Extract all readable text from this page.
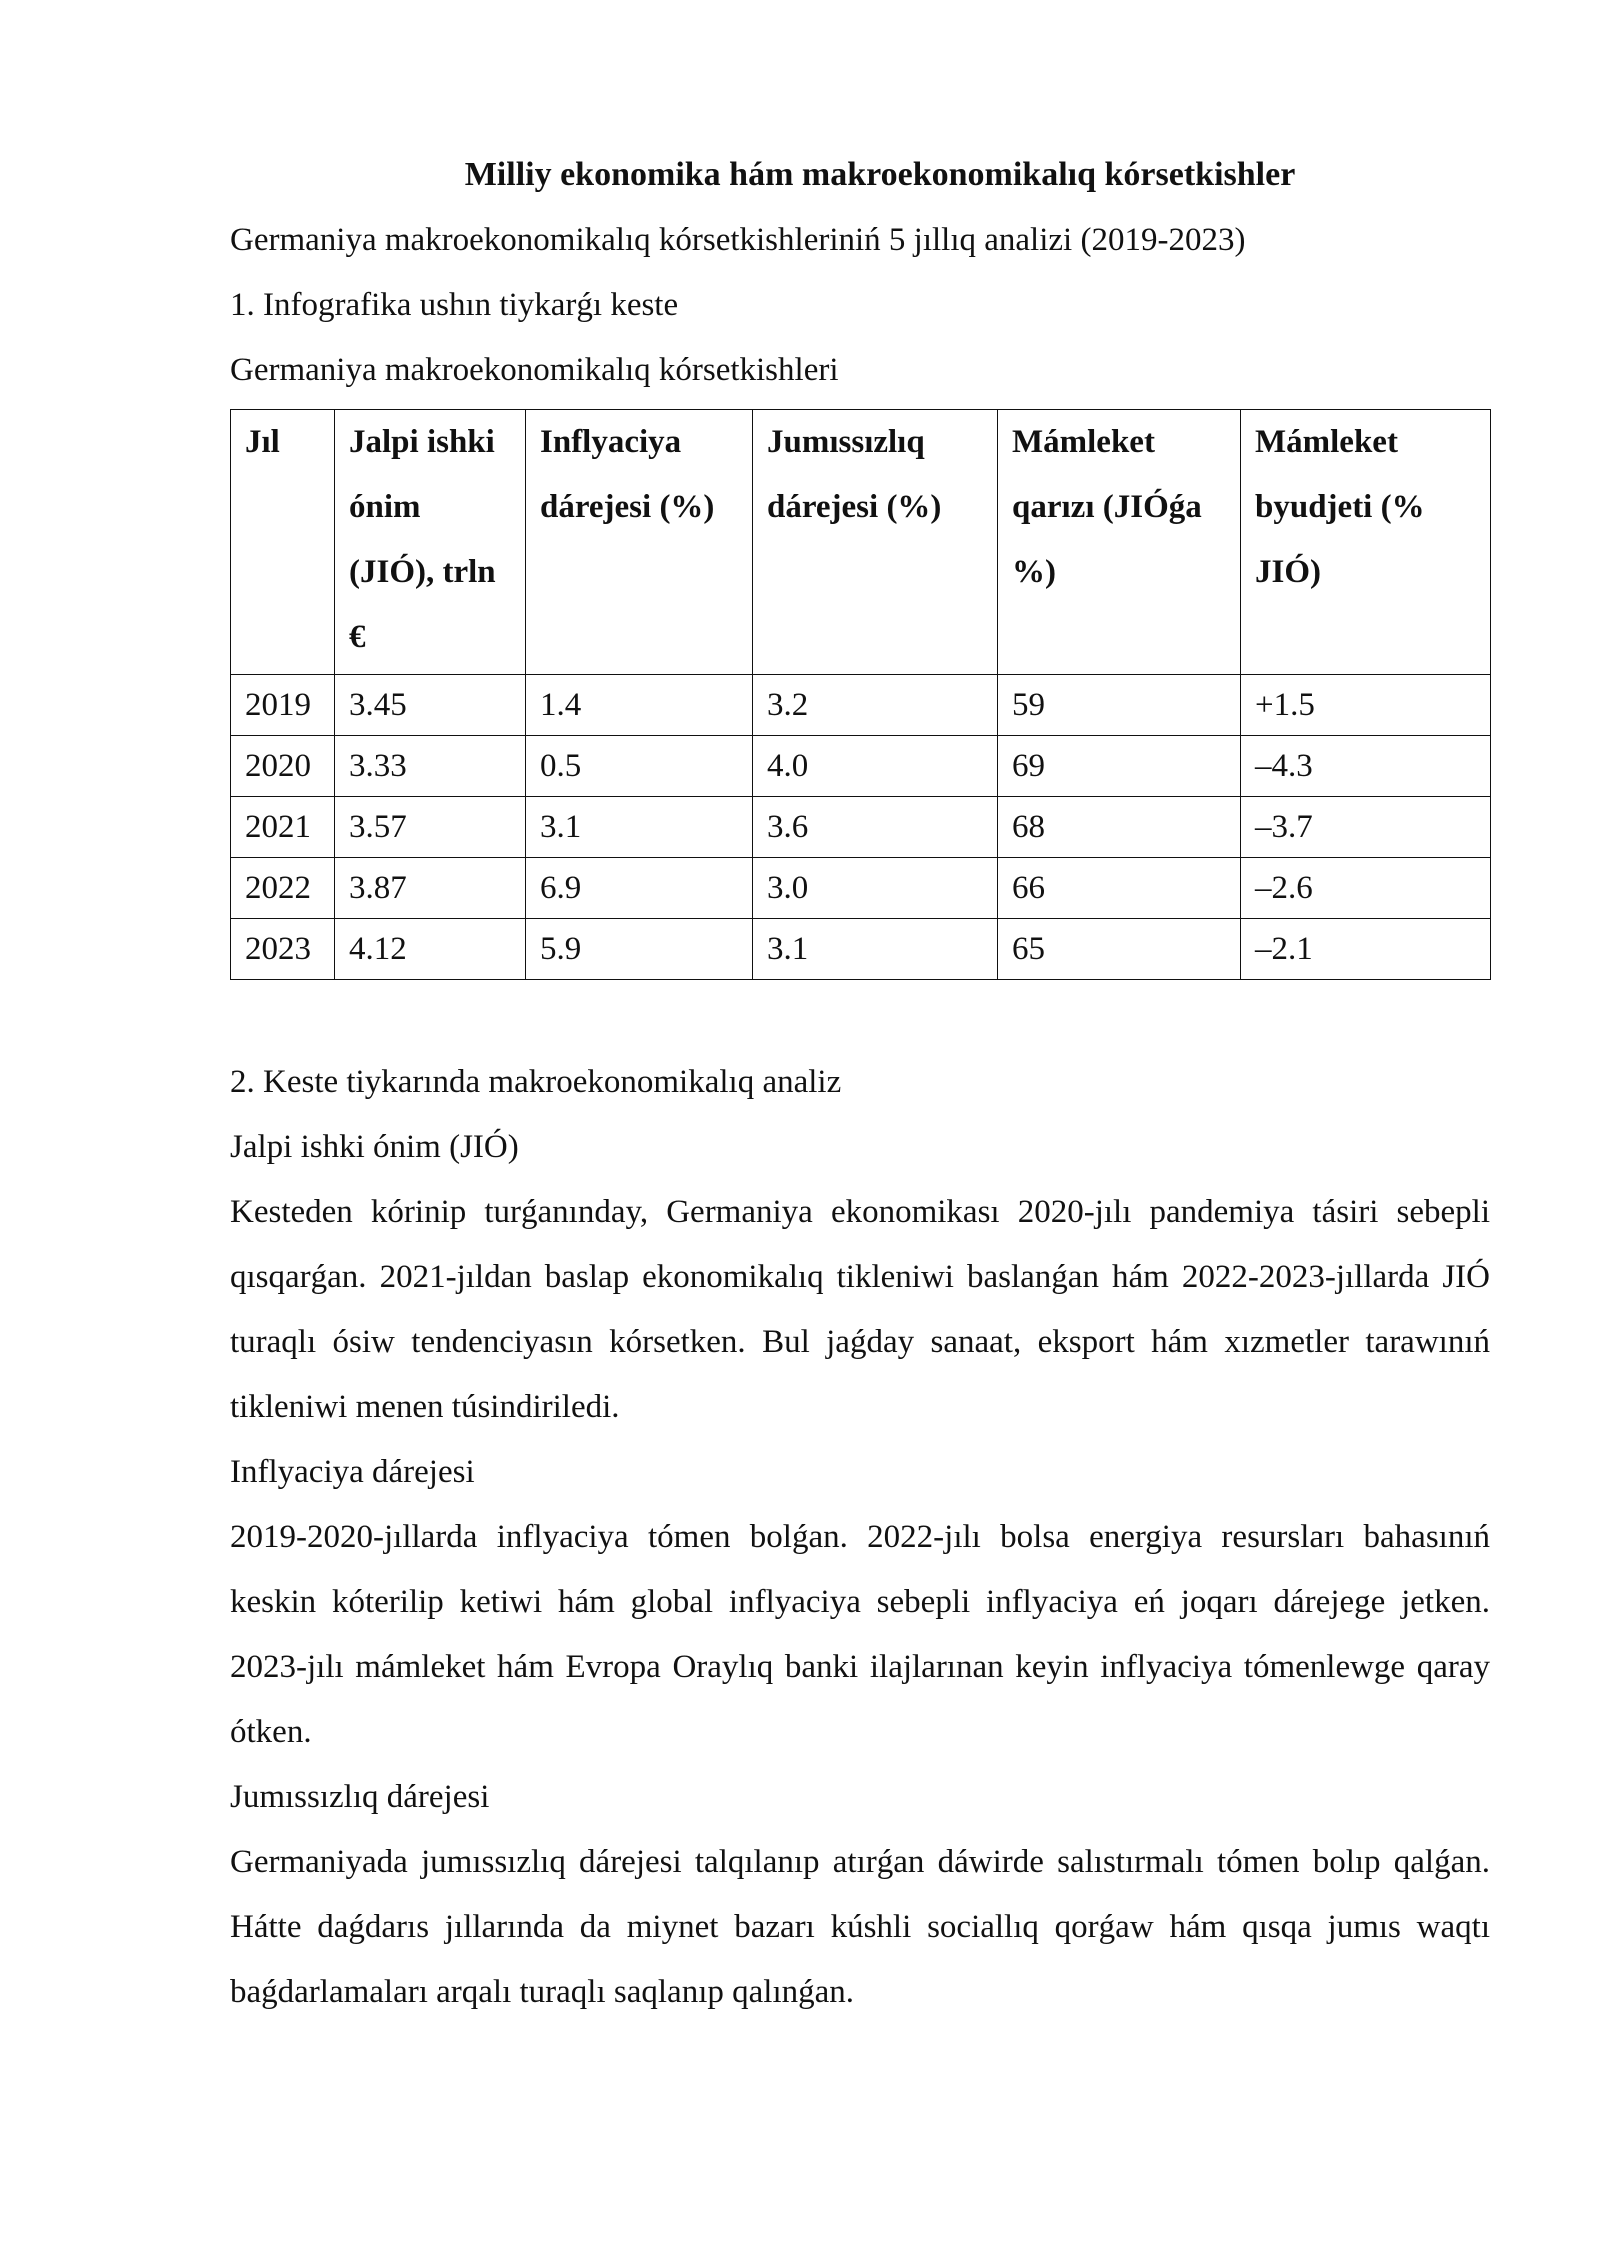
Milliy ekonomika hám makroekonomikalıq kórsetkishler

Germaniya makroekonomikalıq kórsetkishleriniń 5 jıllıq analizi (2019-2023)

1. Infografika ushın tiykarǵı keste

Germaniya makroekonomikalıq kórsetkishleri

Jıl	Jalpi ishki ónim (JIÓ), trln €	Inflyaciya dárejesi (%)	Jumıssızlıq dárejesi (%)	Mámleket qarızı (JIÓǵa %)	Mámleket byudjeti (% JIÓ)
2019	3.45	1.4	3.2	59	+1.5
2020	3.33	0.5	4.0	69	–4.3
2021	3.57	3.1	3.6	68	–3.7
2022	3.87	6.9	3.0	66	–2.6
2023	4.12	5.9	3.1	65	–2.1

2. Keste tiykarında makroekonomikalıq analiz

Jalpi ishki ónim (JIÓ)

Kesteden kórinip turǵanınday, Germaniya ekonomikası 2020-jılı pandemiya tásiri sebepli qısqarǵan. 2021-jıldan baslap ekonomikalıq tikleniwi baslanǵan hám 2022-2023-jıllarda JIÓ turaqlı ósiw tendenciyasın kórsetken. Bul jaǵday sanaat, eksport hám xızmetler tarawınıń tikleniwi menen túsindiriledi.

Inflyaciya dárejesi

2019-2020-jıllarda inflyaciya tómen bolǵan. 2022-jılı bolsa energiya resursları bahasınıń keskin kóterilip ketiwi hám global inflyaciya sebepli inflyaciya eń joqarı dárejege jetken. 2023-jılı mámleket hám Evropa Oraylıq banki ilajlarınan keyin inflyaciya tómenlewge qaray ótken.

Jumıssızlıq dárejesi

Germaniyada jumıssızlıq dárejesi talqılanıp atırǵan dáwirde salıstırmalı tómen bolıp qalǵan. Hátte daǵdarıs jıllarında da miynet bazarı kúshli sociallıq qorǵaw hám qısqa jumıs waqtı baǵdarlamaları arqalı turaqlı saqlanıp qalınǵan.
